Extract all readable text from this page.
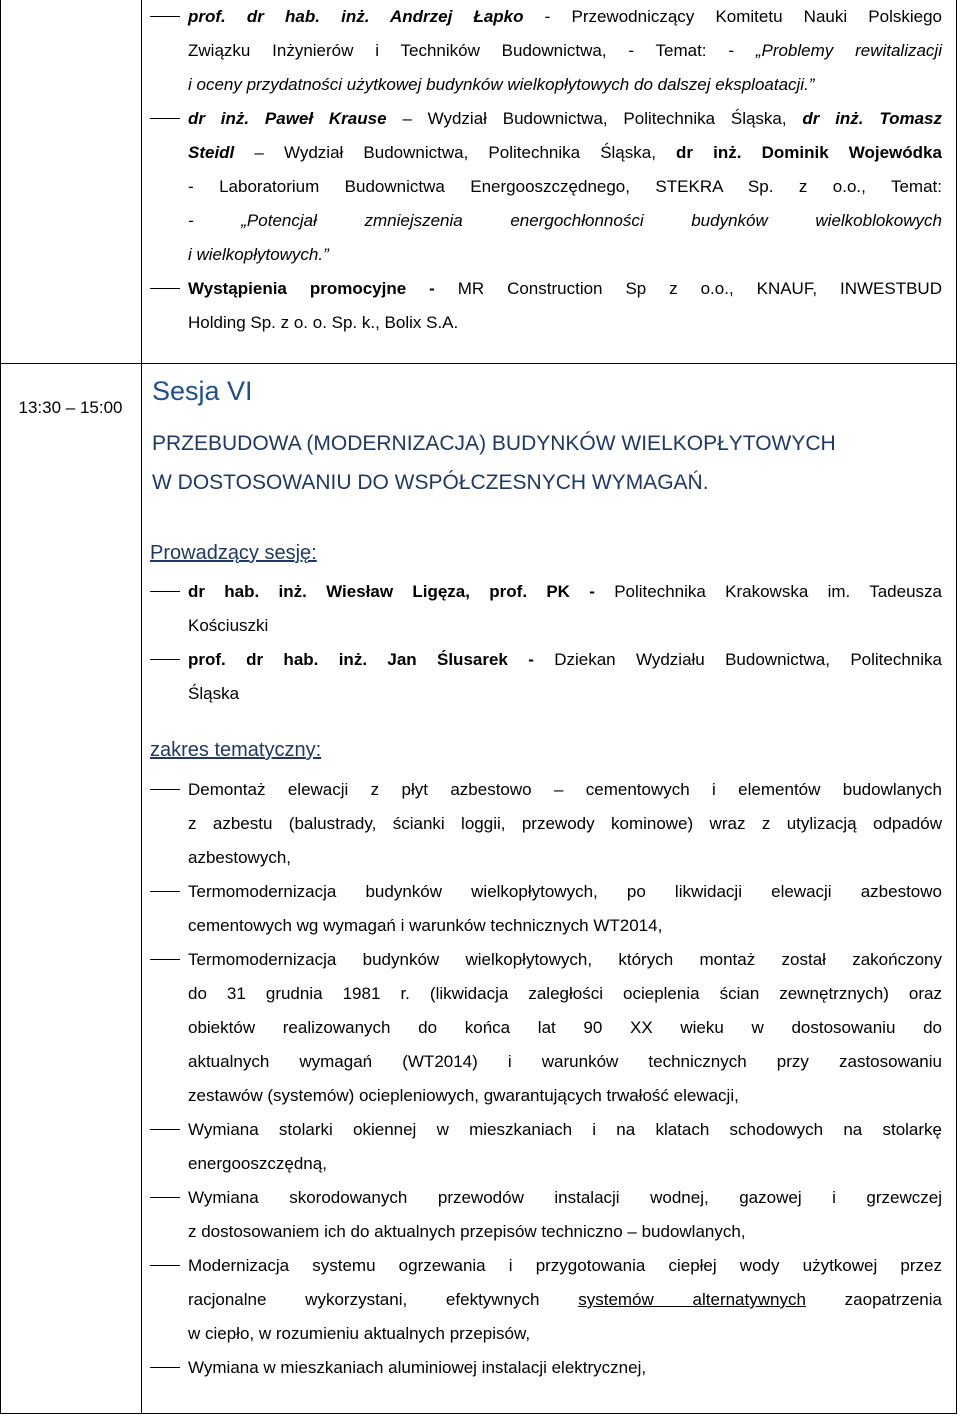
prof. dr hab. inż. Andrzej Łapko - Przewodniczący Komitetu Nauki Polskiego
Związku Inżynierów i Techników Budownictwa, - Temat: - „Problemy rewitalizacji
i oceny przydatności użytkowej budynków wielkopłytowych do dalszej eksploatacji.”
dr inż. Paweł Krause – Wydział Budownictwa, Politechnika Śląska, dr inż. Tomasz
Steidl – Wydział Budownictwa, Politechnika Śląska, dr inż. Dominik Wojewódka
- Laboratorium Budownictwa Energooszczędnego, STEKRA Sp. z o.o., Temat:
- „Potencjał zmniejszenia energochłonności budynków wielkoblokowych
i wielkopłytowych.”
Wystąpienia promocyjne - MR Construction Sp z o.o., KNAUF, INWESTBUD
Holding Sp. z o. o. Sp. k., Bolix S.A.
13:30 – 15:00
Sesja VI
PRZEBUDOWA (MODERNIZACJA) BUDYNKÓW WIELKOPŁYTOWYCH
W DOSTOSOWANIU DO WSPÓŁCZESNYCH WYMAGAŃ.
Prowadzący sesję:
dr hab. inż. Wiesław Ligęza, prof. PK - Politechnika Krakowska im. Tadeusza
Kościuszki
prof. dr hab. inż. Jan Ślusarek - Dziekan Wydziału Budownictwa, Politechnika
Śląska
zakres tematyczny:
Demontaż elewacji z płyt azbestowo – cementowych i elementów budowlanych
z azbestu (balustrady, ścianki loggii, przewody kominowe) wraz z utylizacją odpadów
azbestowych,
Termomodernizacja budynków wielkopłytowych, po likwidacji elewacji azbestowo
cementowych wg wymagań i warunków technicznych WT2014,
Termomodernizacja budynków wielkopłytowych, których montaż został zakończony
do 31 grudnia 1981 r. (likwidacja zaległości ocieplenia ścian zewnętrznych) oraz
obiektów realizowanych do końca lat 90 XX wieku w dostosowaniu do
aktualnych wymagań (WT2014) i warunków technicznych przy zastosowaniu
zestawów (systemów) ociepleniowych, gwarantujących trwałość elewacji,
Wymiana stolarki okiennej w mieszkaniach i na klatach schodowych na stolarkę
energooszczędną,
Wymiana skorodowanych przewodów instalacji wodnej, gazowej i grzewczej
z dostosowaniem ich do aktualnych przepisów techniczno – budowlanych,
Modernizacja systemu ogrzewania i przygotowania ciepłej wody użytkowej przez
racjonalne wykorzystani, efektywnych systemów alternatywnych zaopatrzenia
w ciepło, w rozumieniu aktualnych przepisów,
Wymiana w mieszkaniach aluminiowej instalacji elektrycznej,
